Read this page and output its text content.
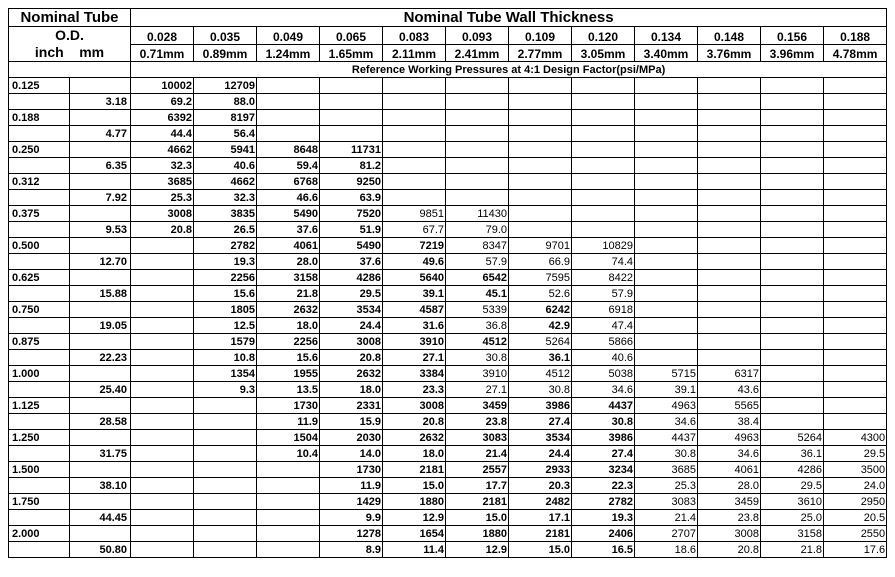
Nominal Tube		Nominal Tube Wall Thickness											

O.D.
inch    mm		0.028	0.035	0.049	0.065	0.083	0.093	0.109	0.120	0.134	0.148	0.156	0.188
		0.71mm	0.89mm	1.24mm	1.65mm	2.11mm	2.41mm	2.77mm	3.05mm	3.40mm	3.76mm	3.96mm	4.78mm
		Reference Working Pressures at 4:1 Design Factor(psi/MPa)											
0.125		10002	12709										
	3.18	69.2	88.0										
0.188		6392	8197										
	4.77	44.4	56.4										
0.250		4662	5941	8648	11731								
	6.35	32.3	40.6	59.4	81.2								
0.312		3685	4662	6768	9250								
	7.92	25.3	32.3	46.6	63.9								
0.375		3008	3835	5490	7520	9851	11430						
	9.53	20.8	26.5	37.6	51.9	67.7	79.0						
0.500			2782	4061	5490	7219	8347	9701	10829				
	12.70		19.3	28.0	37.6	49.6	57.9	66.9	74.4				
0.625			2256	3158	4286	5640	6542	7595	8422				
	15.88		15.6	21.8	29.5	39.1	45.1	52.6	57.9				
0.750			1805	2632	3534	4587	5339	6242	6918				
	19.05		12.5	18.0	24.4	31.6	36.8	42.9	47.4				
0.875			1579	2256	3008	3910	4512	5264	5866				
	22.23		10.8	15.6	20.8	27.1	30.8	36.1	40.6				
1.000			1354	1955	2632	3384	3910	4512	5038	5715	6317		
	25.40		9.3	13.5	18.0	23.3	27.1	30.8	34.6	39.1	43.6		
1.125				1730	2331	3008	3459	3986	4437	4963	5565		
	28.58			11.9	15.9	20.8	23.8	27.4	30.8	34.6	38.4		
1.250				1504	2030	2632	3083	3534	3986	4437	4963	5264	4300
	31.75			10.4	14.0	18.0	21.4	24.4	27.4	30.8	34.6	36.1	29.5
1.500					1730	2181	2557	2933	3234	3685	4061	4286	3500
	38.10				11.9	15.0	17.7	20.3	22.3	25.3	28.0	29.5	24.0
1.750					1429	1880	2181	2482	2782	3083	3459	3610	2950
	44.45				9.9	12.9	15.0	17.1	19.3	21.4	23.8	25.0	20.5
2.000					1278	1654	1880	2181	2406	2707	3008	3158	2550
	50.80				8.9	11.4	12.9	15.0	16.5	18.6	20.8	21.8	17.6
